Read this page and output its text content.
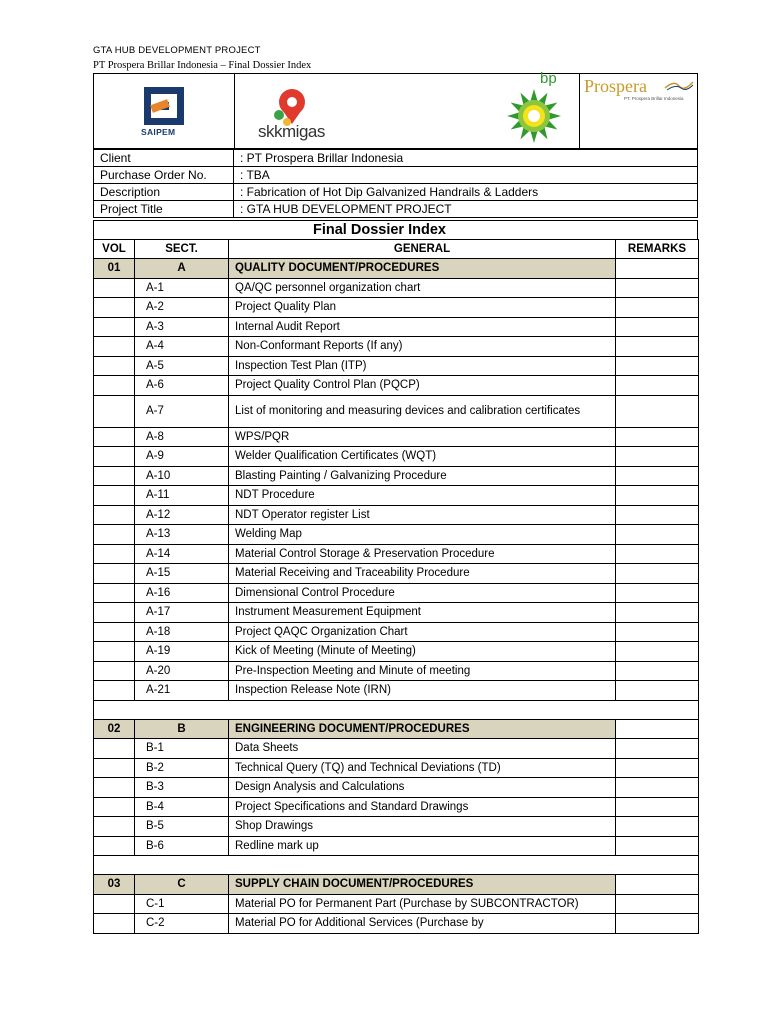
GTA HUB DEVELOPMENT PROJECT
PT Prospera Brillar Indonesia – Final Dossier Index
SAIPEM	skkmigas
bp Prospera
PT. Prospera Brillar Indonesia
Client	: PT Prospera Brillar Indonesia
Purchase Order No.	: TBA
Description	: Fabrication of Hot Dip Galvanized Handrails & Ladders
Project Title	: GTA HUB DEVELOPMENT PROJECT
Final Dossier Index
VOL	SECT.	GENERAL	REMARKS
01	A	QUALITY DOCUMENT/PROCEDURES	
	A-1	QA/QC personnel organization chart	
	A-2	Project Quality Plan	
	A-3	Internal Audit Report	
	A-4	Non-Conformant Reports (If any)	
	A-5	Inspection Test Plan (ITP)	
	A-6	Project Quality Control Plan (PQCP)	
	A-7	List of monitoring and measuring devices and calibration certificates	
	A-8	WPS/PQR	
	A-9	Welder Qualification Certificates (WQT)	
	A-10	Blasting Painting / Galvanizing Procedure	
	A-11	NDT Procedure	
	A-12	NDT Operator register List	
	A-13	Welding Map	
	A-14	Material Control Storage & Preservation Procedure	
	A-15	Material Receiving and Traceability Procedure	
	A-16	Dimensional Control Procedure	
	A-17	Instrument Measurement Equipment	
	A-18	Project QAQC Organization Chart	
	A-19	Kick of Meeting (Minute of Meeting)	
	A-20	Pre-Inspection Meeting and Minute of meeting	
	A-21	Inspection Release Note (IRN)	

02	B	ENGINEERING DOCUMENT/PROCEDURES	
	B-1	Data Sheets	
	B-2	Technical Query (TQ) and Technical Deviations (TD)	
	B-3	Design Analysis and Calculations	
	B-4	Project Specifications and Standard Drawings	
	B-5	Shop Drawings	
	B-6	Redline mark up	

03	C	SUPPLY CHAIN DOCUMENT/PROCEDURES	
	C-1	Material PO for Permanent Part (Purchase by SUBCONTRACTOR)	
	C-2	Material PO for Additional Services (Purchase by	
